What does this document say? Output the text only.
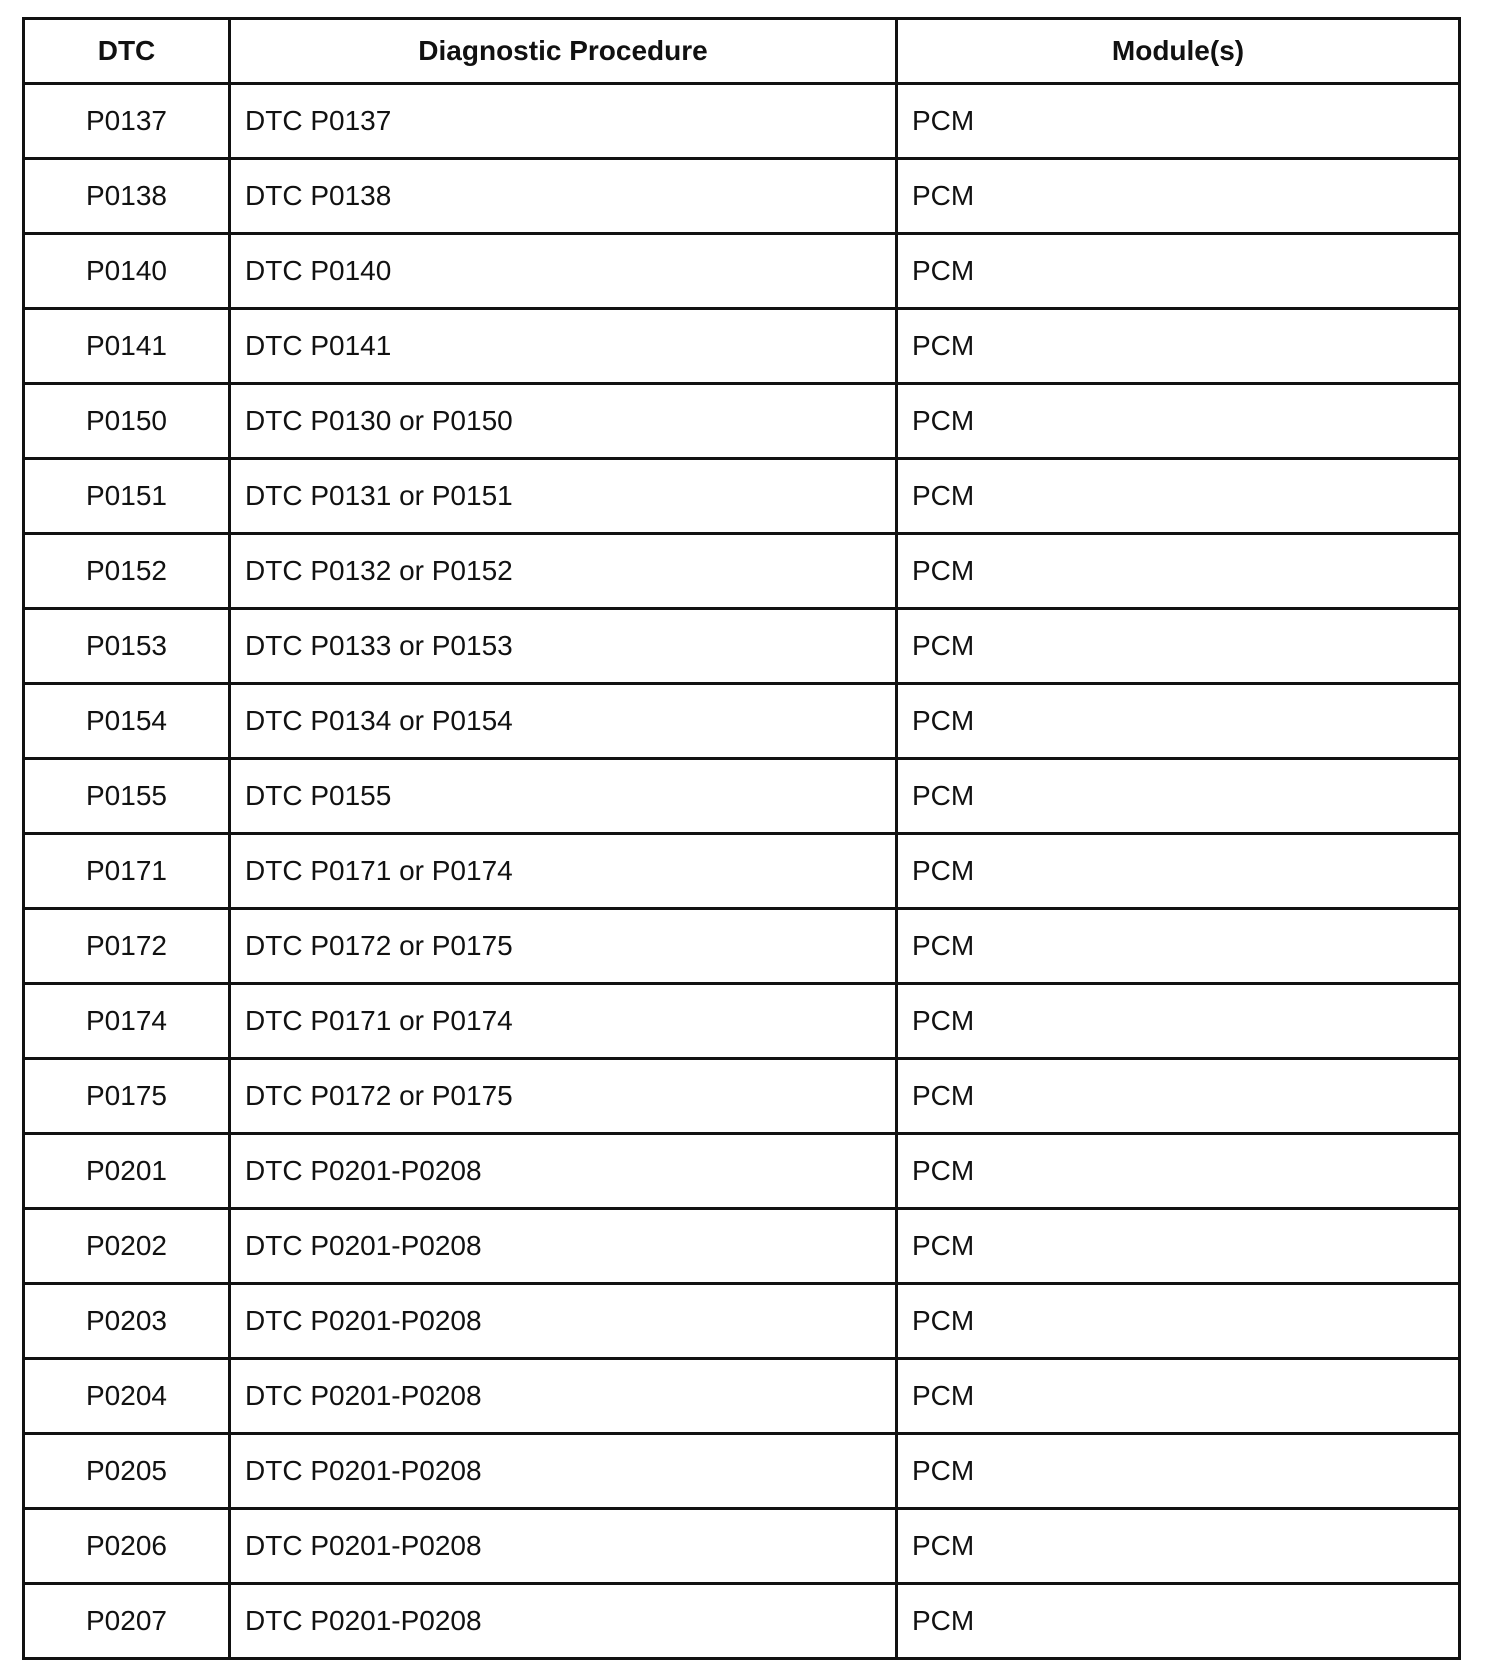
DTC	Diagnostic Procedure	Module(s)
P0137	DTC P0137	PCM
P0138	DTC P0138	PCM
P0140	DTC P0140	PCM
P0141	DTC P0141	PCM
P0150	DTC P0130 or P0150	PCM
P0151	DTC P0131 or P0151	PCM
P0152	DTC P0132 or P0152	PCM
P0153	DTC P0133 or P0153	PCM
P0154	DTC P0134 or P0154	PCM
P0155	DTC P0155	PCM
P0171	DTC P0171 or P0174	PCM
P0172	DTC P0172 or P0175	PCM
P0174	DTC P0171 or P0174	PCM
P0175	DTC P0172 or P0175	PCM
P0201	DTC P0201-P0208	PCM
P0202	DTC P0201-P0208	PCM
P0203	DTC P0201-P0208	PCM
P0204	DTC P0201-P0208	PCM
P0205	DTC P0201-P0208	PCM
P0206	DTC P0201-P0208	PCM
P0207	DTC P0201-P0208	PCM
